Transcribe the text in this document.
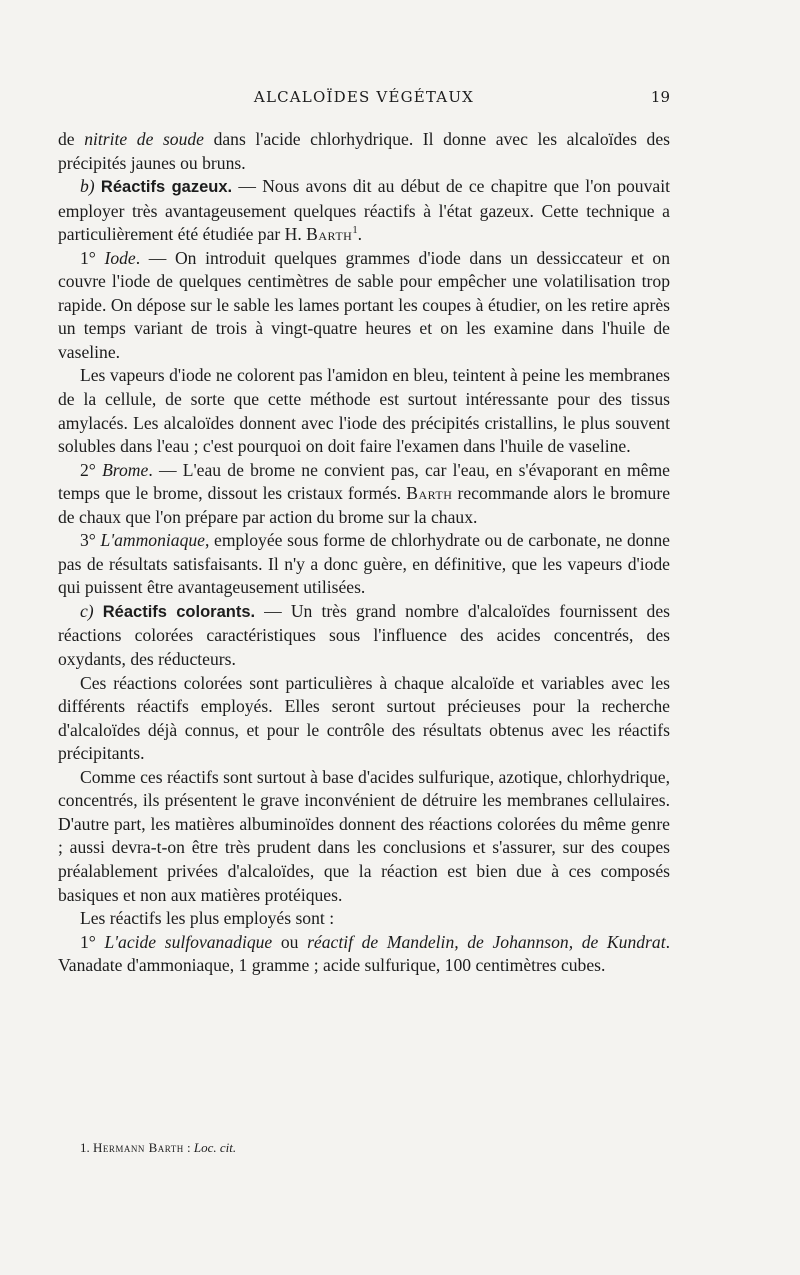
ALCALOÏDES VÉGÉTAUX	19

de nitrite de soude dans l'acide chlorhydrique. Il donne avec les alcaloïdes des précipités jaunes ou bruns.

b) Réactifs gazeux. — Nous avons dit au début de ce chapitre que l'on pouvait employer très avantageusement quelques réactifs à l'état gazeux. Cette technique a particulièrement été étudiée par H. Barth$^1$.

1° Iode. — On introduit quelques grammes d'iode dans un dessiccateur et on couvre l'iode de quelques centimètres de sable pour empêcher une volatilisation trop rapide. On dépose sur le sable les lames portant les coupes à étudier, on les retire après un temps variant de trois à vingt-quatre heures et on les examine dans l'huile de vaseline.

Les vapeurs d'iode ne colorent pas l'amidon en bleu, teintent à peine les membranes de la cellule, de sorte que cette méthode est surtout intéressante pour des tissus amylacés. Les alcaloïdes donnent avec l'iode des précipités cristallins, le plus souvent solubles dans l'eau ; c'est pourquoi on doit faire l'examen dans l'huile de vaseline.

2° Brome. — L'eau de brome ne convient pas, car l'eau, en s'évaporant en même temps que le brome, dissout les cristaux formés. Barth recommande alors le bromure de chaux que l'on prépare par action du brome sur la chaux.

3° L'ammoniaque, employée sous forme de chlorhydrate ou de carbonate, ne donne pas de résultats satisfaisants. Il n'y a donc guère, en définitive, que les vapeurs d'iode qui puissent être avantageusement utilisées.

c) Réactifs colorants. — Un très grand nombre d'alcaloïdes fournissent des réactions colorées caractéristiques sous l'influence des acides concentrés, des oxydants, des réducteurs.

Ces réactions colorées sont particulières à chaque alcaloïde et variables avec les différents réactifs employés. Elles seront surtout précieuses pour la recherche d'alcaloïdes déjà connus, et pour le contrôle des résultats obtenus avec les réactifs précipitants.

Comme ces réactifs sont surtout à base d'acides sulfurique, azotique, chlorhydrique, concentrés, ils présentent le grave inconvénient de détruire les membranes cellulaires. D'autre part, les matières albuminoïdes donnent des réactions colorées du même genre ; aussi devra-t-on être très prudent dans les conclusions et s'assurer, sur des coupes préalablement privées d'alcaloïdes, que la réaction est bien due à ces composés basiques et non aux matières protéiques.

Les réactifs les plus employés sont :

1° L'acide sulfovanadique ou réactif de Mandelin, de Johannson, de Kundrat. Vanadate d'ammoniaque, 1 gramme ; acide sulfurique, 100 centimètres cubes.

1. Hermann Barth : Loc. cit.
